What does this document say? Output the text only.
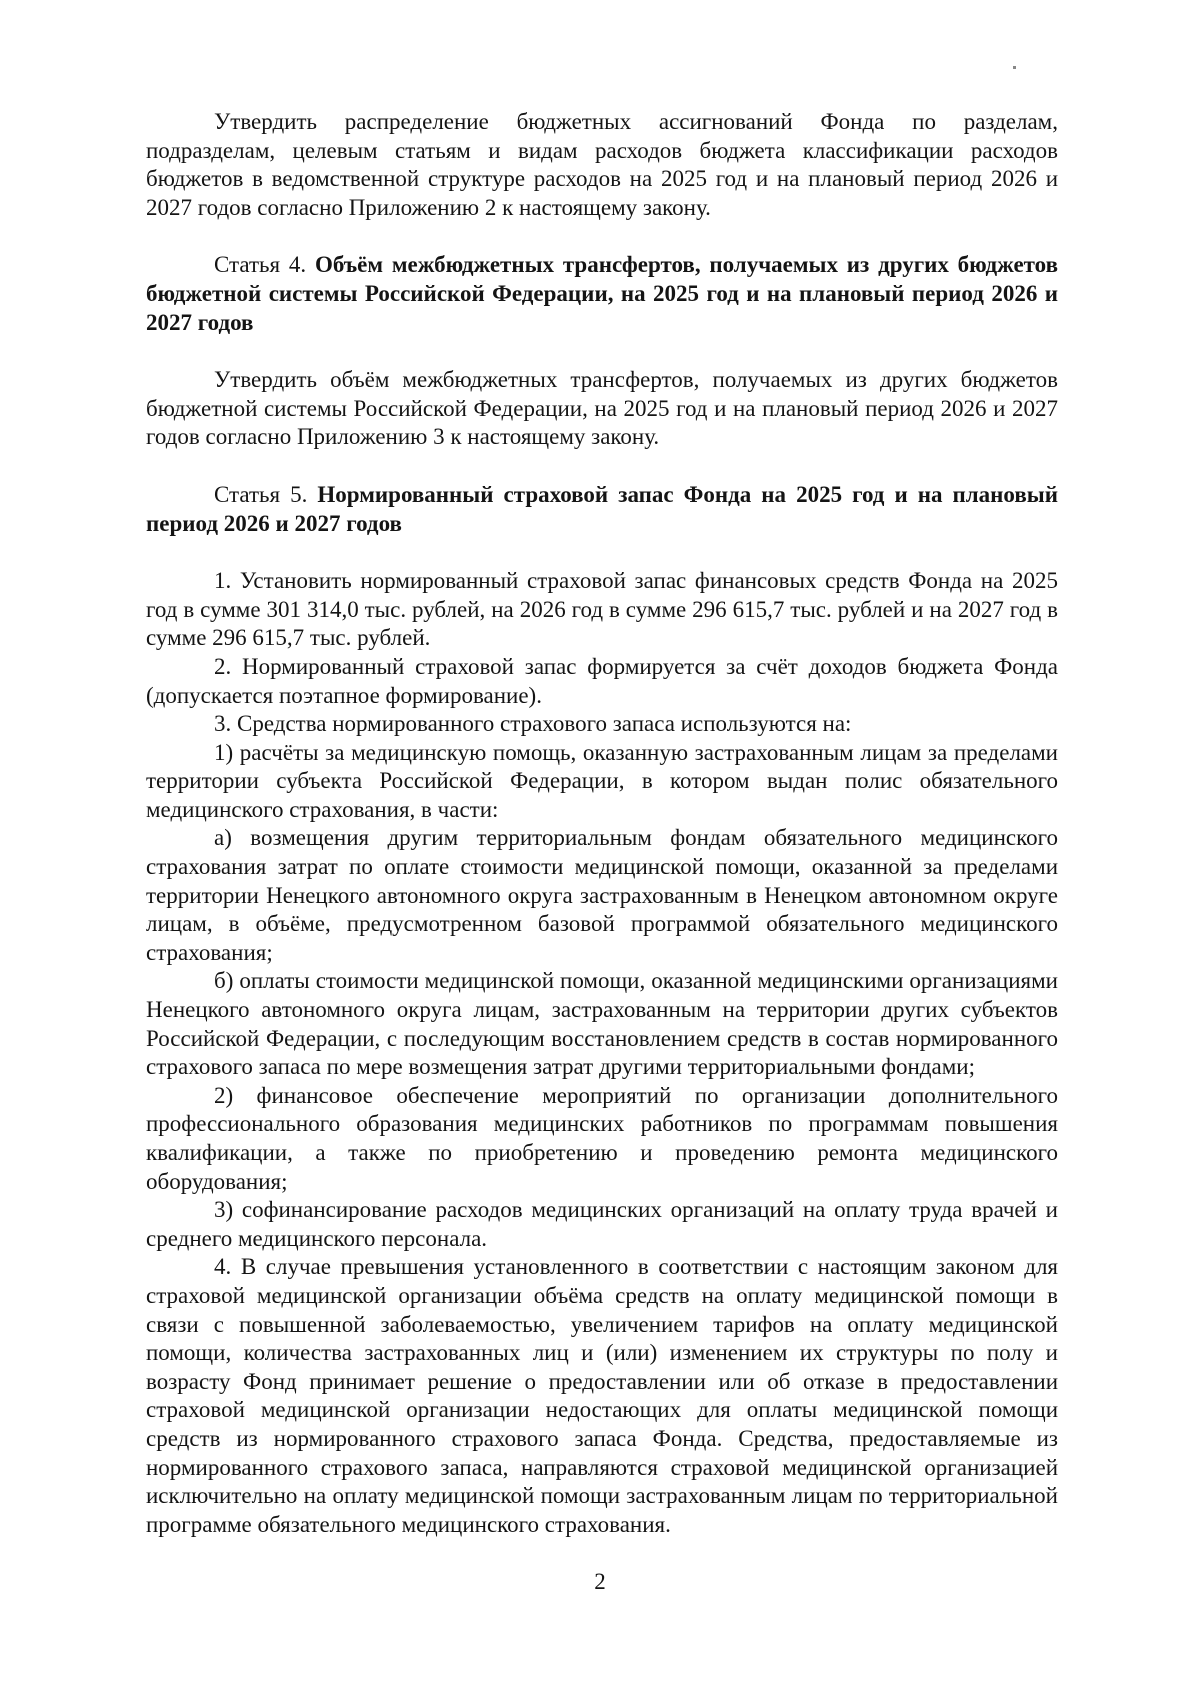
Утвердить распределение бюджетных ассигнований Фонда по разделам, подразделам, целевым статьям и видам расходов бюджета классификации расходов бюджетов в ведомственной структуре расходов на 2025 год и на плановый период 2026 и 2027 годов согласно Приложению 2 к настоящему закону.

Статья 4. Объём межбюджетных трансфертов, получаемых из других бюджетов бюджетной системы Российской Федерации, на 2025 год и на плановый период 2026 и 2027 годов

Утвердить объём межбюджетных трансфертов, получаемых из других бюджетов бюджетной системы Российской Федерации, на 2025 год и на плановый период 2026 и 2027 годов согласно Приложению 3 к настоящему закону.

Статья 5. Нормированный страховой запас Фонда на 2025 год и на плановый период 2026 и 2027 годов

1. Установить нормированный страховой запас финансовых средств Фонда на 2025 год в сумме 301 314,0 тыс. рублей, на 2026 год в сумме 296 615,7 тыс. рублей и на 2027 год в сумме 296 615,7 тыс. рублей.

2. Нормированный страховой запас формируется за счёт доходов бюджета Фонда (допускается поэтапное формирование).

3. Средства нормированного страхового запаса используются на:

1) расчёты за медицинскую помощь, оказанную застрахованным лицам за пределами территории субъекта Российской Федерации, в котором выдан полис обязательного медицинского страхования, в части:

а) возмещения другим территориальным фондам обязательного медицинского страхования затрат по оплате стоимости медицинской помощи, оказанной за пределами территории Ненецкого автономного округа застрахованным в Ненецком автономном округе лицам, в объёме, предусмотренном базовой программой обязательного медицинского страхования;

б) оплаты стоимости медицинской помощи, оказанной медицинскими организациями Ненецкого автономного округа лицам, застрахованным на территории других субъектов Российской Федерации, с последующим восстановлением средств в состав нормированного страхового запаса по мере возмещения затрат другими территориальными фондами;

2) финансовое обеспечение мероприятий по организации дополнительного профессионального образования медицинских работников по программам повышения квалификации, а также по приобретению и проведению ремонта медицинского оборудования;

3) софинансирование расходов медицинских организаций на оплату труда врачей и среднего медицинского персонала.

4. В случае превышения установленного в соответствии с настоящим законом для страховой медицинской организации объёма средств на оплату медицинской помощи в связи с повышенной заболеваемостью, увеличением тарифов на оплату медицинской помощи, количества застрахованных лиц и (или) изменением их структуры по полу и возрасту Фонд принимает решение о предоставлении или об отказе в предоставлении страховой медицинской организации недостающих для оплаты медицинской помощи средств из нормированного страхового запаса Фонда. Средства, предоставляемые из нормированного страхового запаса, направляются страховой медицинской организацией исключительно на оплату медицинской помощи застрахованным лицам по территориальной программе обязательного медицинского страхования.

2
